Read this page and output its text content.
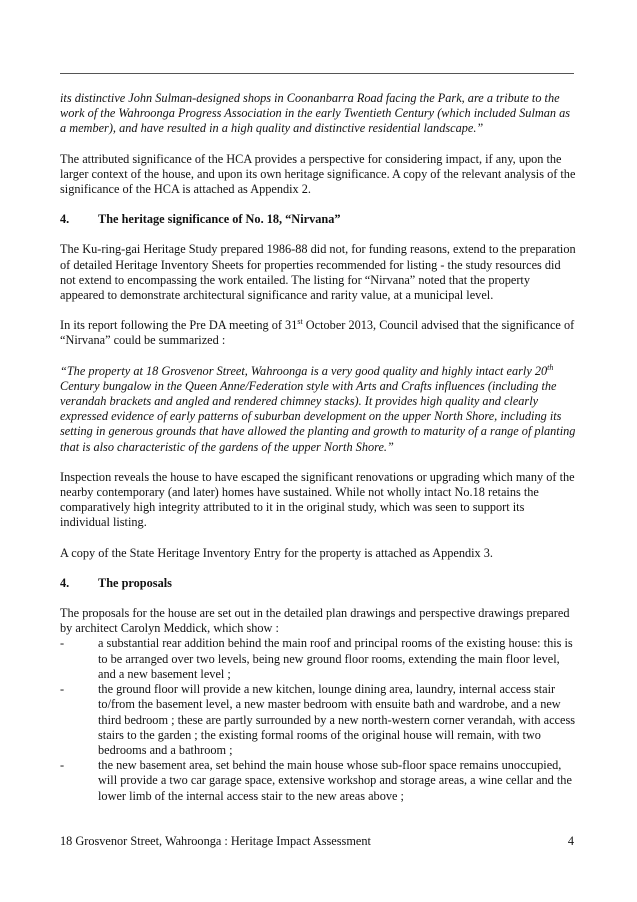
its distinctive John Sulman-designed shops in Coonanbarra Road facing the Park, are a tribute to the work of the Wahroonga Progress Association in the early Twentieth Century (which included Sulman as a member), and have resulted in a high quality and distinctive residential landscape.”

The attributed significance of the HCA provides a perspective for considering impact, if any, upon the larger context of the house, and upon its own heritage significance. A copy of the relevant analysis of the significance of the HCA is attached as Appendix 2.

4.	The heritage significance of No. 18, “Nirvana”

The Ku-ring-gai Heritage Study prepared 1986-88 did not, for funding reasons, extend to the preparation of detailed Heritage Inventory Sheets for properties recommended for listing - the study resources did not extend to encompassing the work entailed. The listing for “Nirvana” noted that the property appeared to demonstrate architectural significance and rarity value, at a municipal level.

In its report following the Pre DA meeting of 31st October 2013, Council advised that the significance of “Nirvana” could be summarized :

“The property at 18 Grosvenor Street, Wahroonga is a very good quality and highly intact early 20th Century bungalow in the Queen Anne/Federation style with Arts and Crafts influences (including the verandah brackets and angled and rendered chimney stacks). It provides high quality and clearly expressed evidence of early patterns of suburban development on the upper North Shore, including its setting in generous grounds that have allowed the planting and growth to maturity of a range of planting that is also characteristic of the gardens of the upper North Shore.”

Inspection reveals the house to have escaped the significant renovations or upgrading which many of the nearby contemporary (and later) homes have sustained. While not wholly intact No.18 retains the comparatively high integrity attributed to it in the original study, which was seen to support its individual listing.

A copy of the State Heritage Inventory Entry for the property is attached as Appendix 3.

4.	The proposals

The proposals for the house are set out in the detailed plan drawings and perspective drawings prepared by architect Carolyn Meddick, which show :

-	a substantial rear addition behind the main roof and principal rooms of the existing house: this is to be arranged over two levels, being new ground floor rooms, extending the main floor level, and a new basement level ;
-	the ground floor will provide a new kitchen, lounge dining area, laundry, internal access stair to/from the basement level, a new master bedroom with ensuite bath and wardrobe, and a new third bedroom ; these are partly surrounded by a new north-western corner verandah, with access stairs to the garden ; the existing formal rooms of the original house will remain, with two bedrooms and a bathroom ;
-	the new basement area, set behind the main house whose sub-floor space remains unoccupied, will provide a two car garage space, extensive workshop and storage areas, a wine cellar and the lower limb of the internal access stair to the new areas above ;
18 Grosvenor Street, Wahroonga : Heritage Impact Assessment	4
